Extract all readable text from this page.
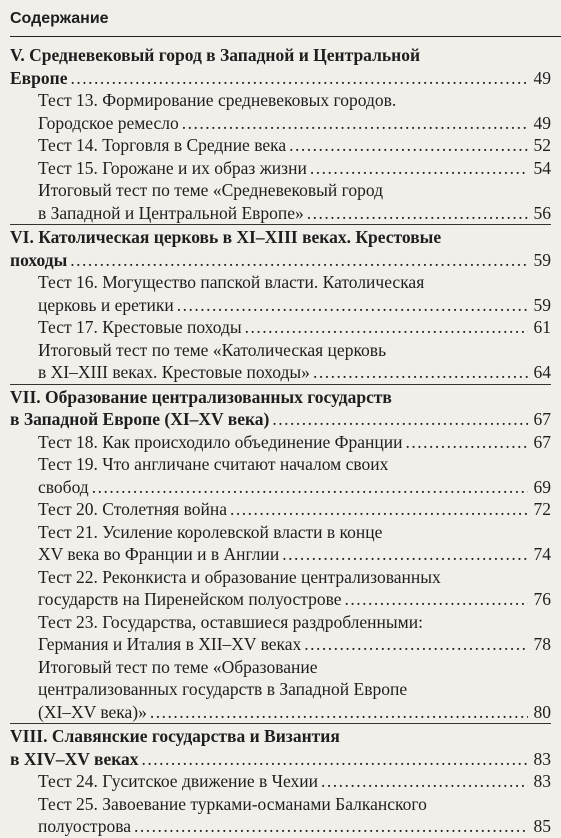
Содержание
V. Средневековый город в Западной и Центральной
Европе .....	49
Тест 13. Формирование средневековых городов.
Городское ремесло .....	49
Тест 14. Торговля в Средние века .....	52
Тест 15. Горожане и их образ жизни .....	54
Итоговый тест по теме «Средневековый город
в Западной и Центральной Европе» .....	56
VI. Католическая церковь в XI–XIII веках. Крестовые
походы .....	59
Тест 16. Могущество папской власти. Католическая
церковь и еретики .....	59
Тест 17. Крестовые походы .....	61
Итоговый тест по теме «Католическая церковь
в XI–XIII веках. Крестовые походы» .....	64
VII. Образование централизованных государств
в Западной Европе (XI–XV века) .....	67
Тест 18. Как происходило объединение Франции .....	67
Тест 19. Что англичане считают началом своих
свобод .....	69
Тест 20. Столетняя война .....	72
Тест 21. Усиление королевской власти в конце
XV века во Франции и в Англии .....	74
Тест 22. Реконкиста и образование централизованных
государств на Пиренейском полуострове .....	76
Тест 23. Государства, оставшиеся раздробленными:
Германия и Италия в XII–XV веках .....	78
Итоговый тест по теме «Образование
централизованных государств в Западной Европе
(XI–XV века)» .....	80
VIII. Славянские государства и Византия
в XIV–XV веках .....	83
Тест 24. Гуситское движение в Чехии .....	83
Тест 25. Завоевание турками-османами Балканского
полуострова .....	85
